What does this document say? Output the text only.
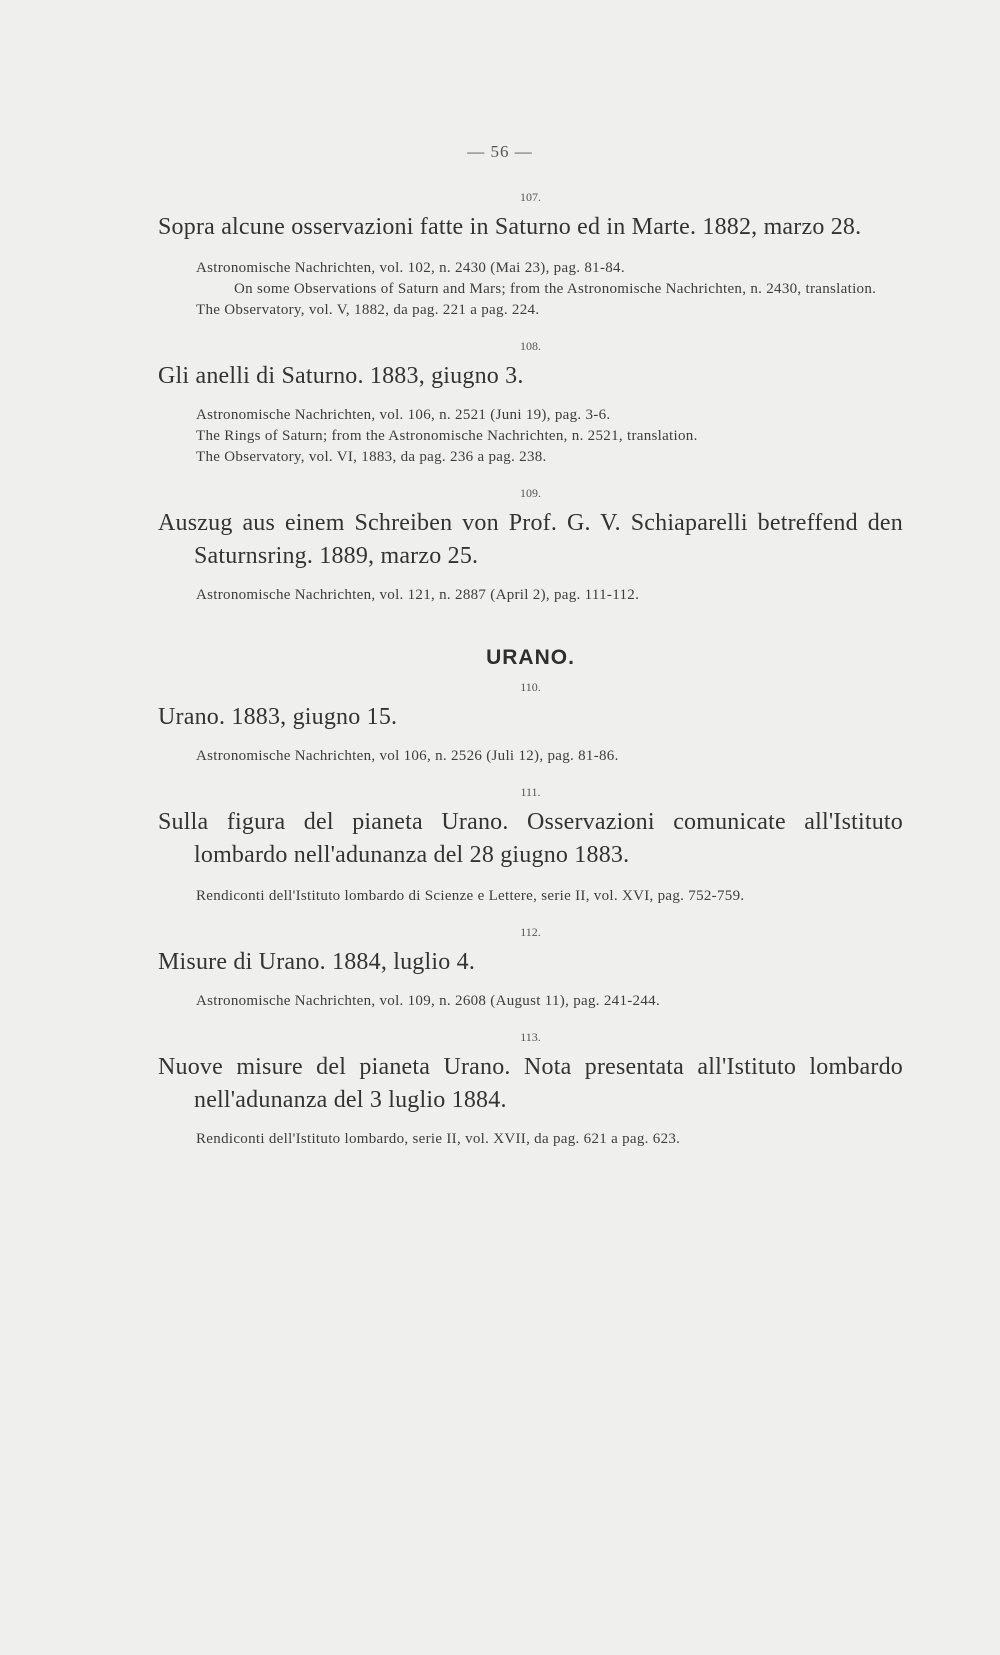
— 56 —
107.
Sopra alcune osservazioni fatte in Saturno ed in Marte. 1882, marzo 28.
Astronomische Nachrichten, vol. 102, n. 2430 (Mai 23), pag. 81-84.
On some Observations of Saturn and Mars; from the Astronomische Nachrichten, n. 2430, translation.
The Observatory, vol. V, 1882, da pag. 221 a pag. 224.
108.
Gli anelli di Saturno. 1883, giugno 3.
Astronomische Nachrichten, vol. 106, n. 2521 (Juni 19), pag. 3-6.
The Rings of Saturn; from the Astronomische Nachrichten, n. 2521, translation.
The Observatory, vol. VI, 1883, da pag. 236 a pag. 238.
109.
Auszug aus einem Schreiben von Prof. G. V. Schiaparelli betreffend den Saturnsring. 1889, marzo 25.
Astronomische Nachrichten, vol. 121, n. 2887 (April 2), pag. 111-112.
URANO.
110.
Urano. 1883, giugno 15.
Astronomische Nachrichten, vol 106, n. 2526 (Juli 12), pag. 81-86.
111.
Sulla figura del pianeta Urano. Osservazioni comunicate all'Istituto lombardo nell'adunanza del 28 giugno 1883.
Rendiconti dell'Istituto lombardo di Scienze e Lettere, serie II, vol. XVI, pag. 752-759.
112.
Misure di Urano. 1884, luglio 4.
Astronomische Nachrichten, vol. 109, n. 2608 (August 11), pag. 241-244.
113.
Nuove misure del pianeta Urano. Nota presentata all'Istituto lombardo nell'adunanza del 3 luglio 1884.
Rendiconti dell'Istituto lombardo, serie II, vol. XVII, da pag. 621 a pag. 623.
